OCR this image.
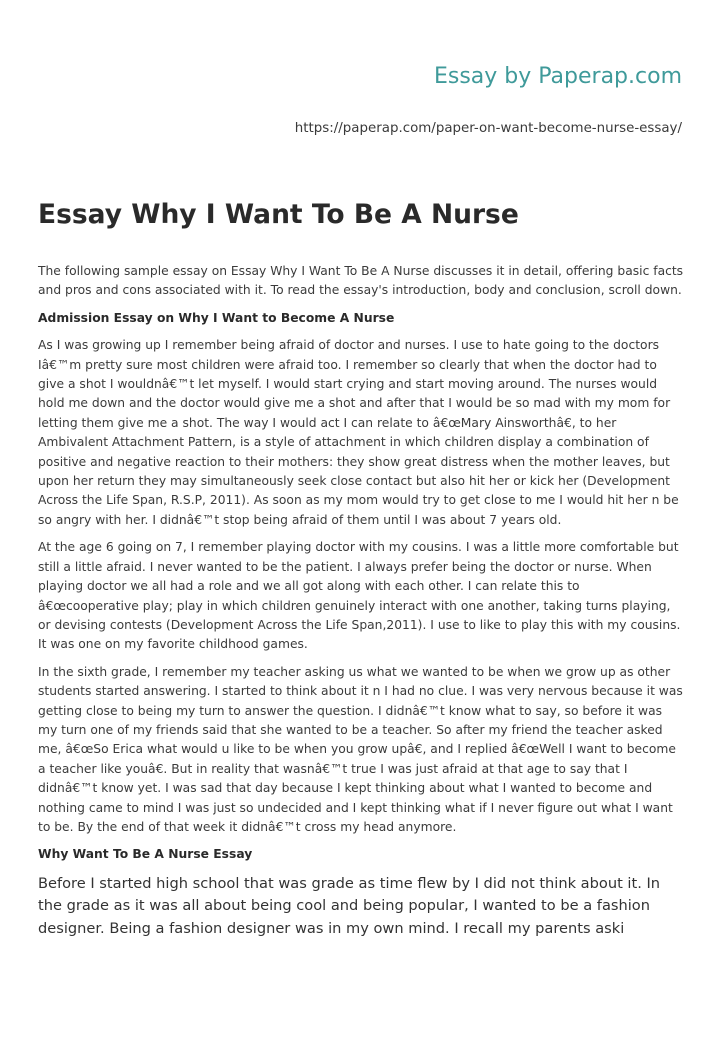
Essay by Paperap.com
https://paperap.com/paper-on-want-become-nurse-essay/
Essay Why I Want To Be A Nurse

The following sample essay on Essay Why I Want To Be A Nurse discusses it in detail, offering basic facts and pros and cons associated with it. To read the essay's introduction, body and conclusion, scroll down.

Admission Essay on Why I Want to Become A Nurse

As I was growing up I remember being afraid of doctor and nurses. I use to hate going to the doctors Iâ€™m pretty sure most children were afraid too. I remember so clearly that when the doctor had to give a shot I wouldnâ€™t let myself. I would start crying and start moving around. The nurses would hold me down and the doctor would give me a shot and after that I would be so mad with my mom for letting them give me a shot. The way I would act I can relate to â€œMary Ainsworthâ€, to her Ambivalent Attachment Pattern, is a style of attachment in which children display a combination of positive and negative reaction to their mothers: they show great distress when the mother leaves, but upon her return they may simultaneously seek close contact but also hit her or kick her (Development Across the Life Span, R.S.P, 2011). As soon as my mom would try to get close to me I would hit her n be so angry with her. I didnâ€™t stop being afraid of them until I was about 7 years old.

At the age 6 going on 7, I remember playing doctor with my cousins. I was a little more comfortable but still a little afraid. I never wanted to be the patient. I always prefer being the doctor or nurse. When playing doctor we all had a role and we all got along with each other. I can relate this to â€œcooperative play; play in which children genuinely interact with one another, taking turns playing, or devising contests (Development Across the Life Span,2011). I use to like to play this with my cousins. It was one on my favorite childhood games.

In the sixth grade, I remember my teacher asking us what we wanted to be when we grow up as other students started answering. I started to think about it n I had no clue. I was very nervous because it was getting close to being my turn to answer the question. I didnâ€™t know what to say, so before it was my turn one of my friends said that she wanted to be a teacher. So after my friend the teacher asked me, â€œSo Erica what would u like to be when you grow upâ€, and I replied â€œWell I want to become a teacher like youâ€. But in reality that wasnâ€™t true I was just afraid at that age to say that I didnâ€™t know yet. I was sad that day because I kept thinking about what I wanted to become and nothing came to mind I was just so undecided and I kept thinking what if I never figure out what I want to be. By the end of that week it didnâ€™t cross my head anymore.

Why Want To Be A Nurse Essay

Before I started high school that was grade as time flew by I did not think about it. In the grade as it was all about being cool and being popular, I wanted to be a fashion designer. Being a fashion designer was in my own mind. I recall my parents aski
